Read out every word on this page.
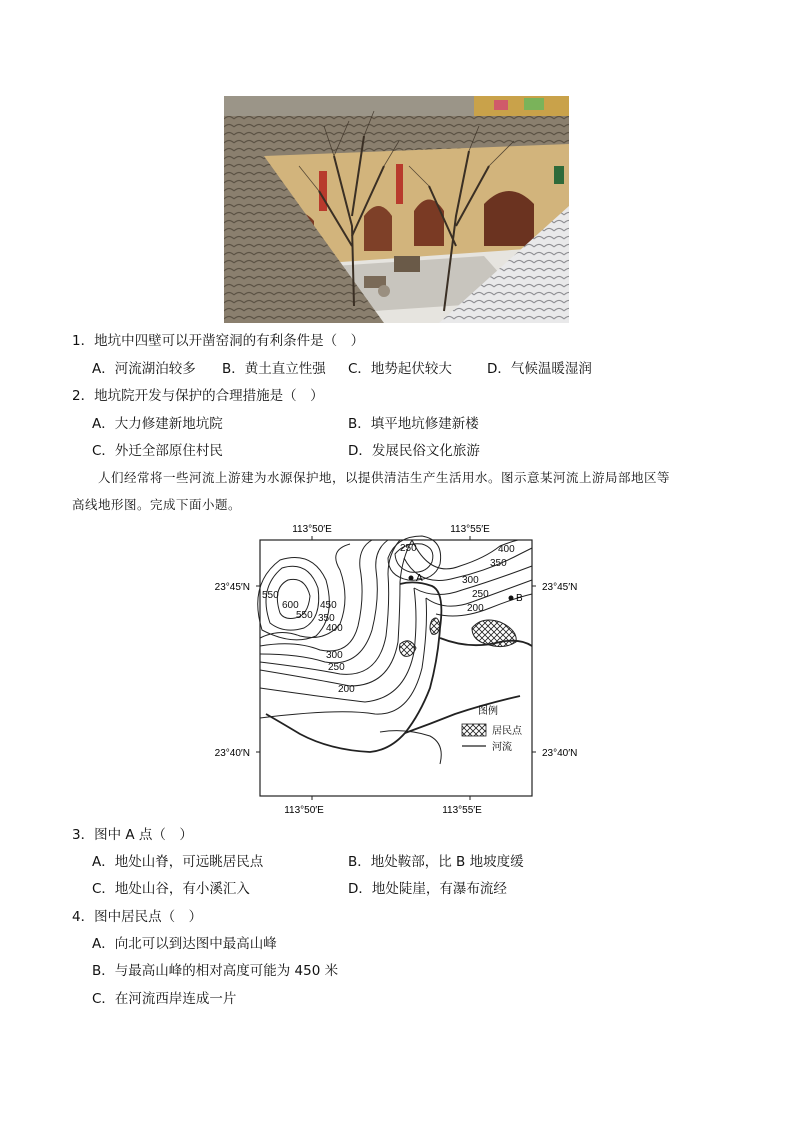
1．地坑中四壁可以开凿窑洞的有利条件是（　）
A．河流湖泊较多 B．黄土直立性强 C．地势起伏较大	D．气候温暖湿润
2．地坑院开发与保护的合理措施是（　）
A．大力修建新地坑院	B．填平地坑修建新楼
C．外迁全部原住村民	D．发展民俗文化旅游
人们经常将一些河流上游建为水源保护地，以提供清洁生产生活用水。图示意某河流上游局部地区等
高线地形图。完成下面小题。
113°50′E	113°55′E
113°50′E	113°55′E
23°45′N	23°45′N
23°40′N	23°40′N
250	400
350
300
250
200
550
600
550
450
350
400
300
250
200
A
B
图例
居民点
河流
3．图中 A 点（　）
A．地处山脊，可远眺居民点	B．地处鞍部，比 B 地坡度缓
C．地处山谷，有小溪汇入	D．地处陡崖，有瀑布流经
4．图中居民点（　）
A．向北可以到达图中最高山峰
B．与最高山峰的相对高度可能为 450 米
C．在河流西岸连成一片
